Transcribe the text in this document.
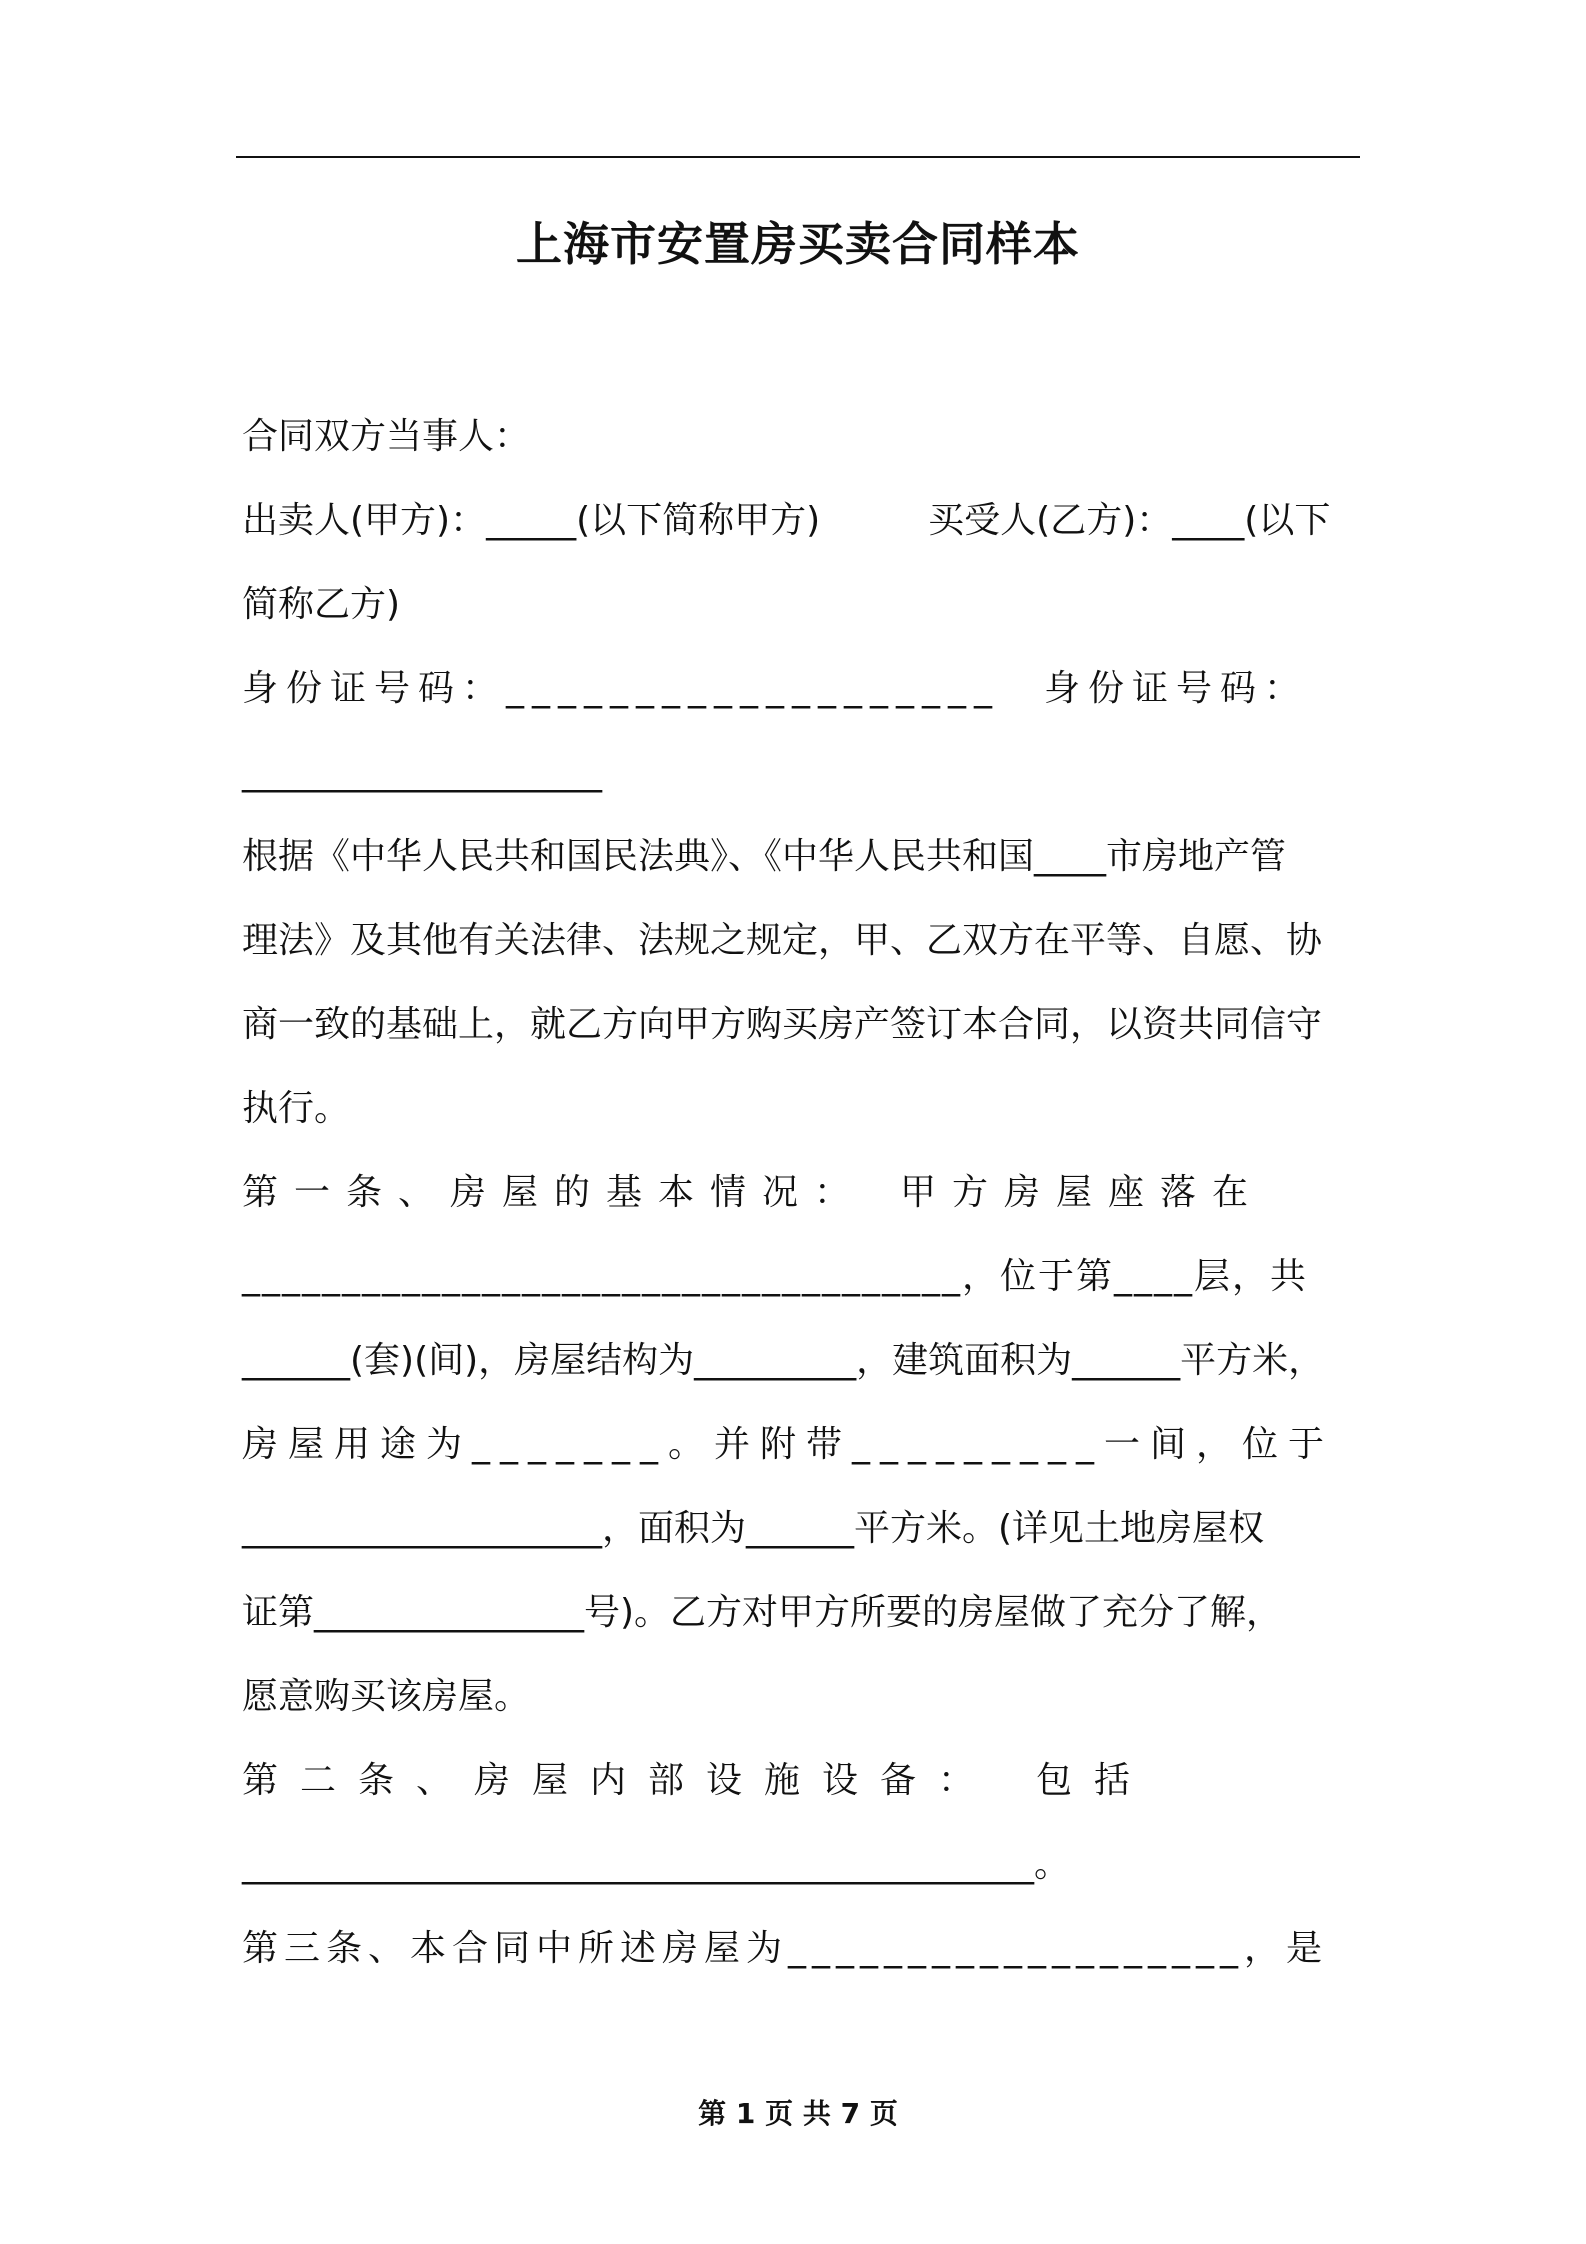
上海市安置房买卖合同样本
合同双方当事人：
出卖人(甲方)：_____(以下简称甲方)　　　买受人(乙方)：____(以下
简称乙方)
身份证号码：___________________　身份证号码：
____________________
根据《中华人民共和国民法典》、《中华人民共和国____市房地产管
理法》及其他有关法律、法规之规定，甲、乙双方在平等、自愿、协
商一致的基础上，就乙方向甲方购买房产签订本合同，以资共同信守
执行。
第一条、房屋的基本情况：　甲方房屋座落在
____________________________________，位于第____层，共
______(套)(间)，房屋结构为_________，建筑面积为______平方米，
房屋用途为_______。并附带_________一间，位于
____________________，面积为______平方米。(详见土地房屋权
证第_______________号)。乙方对甲方所要的房屋做了充分了解，
愿意购买该房屋。
第二条、房屋内部设施设备：　包括
____________________________________________。
第三条、本合同中所述房屋为___________________，是
第 1 页 共 7 页
